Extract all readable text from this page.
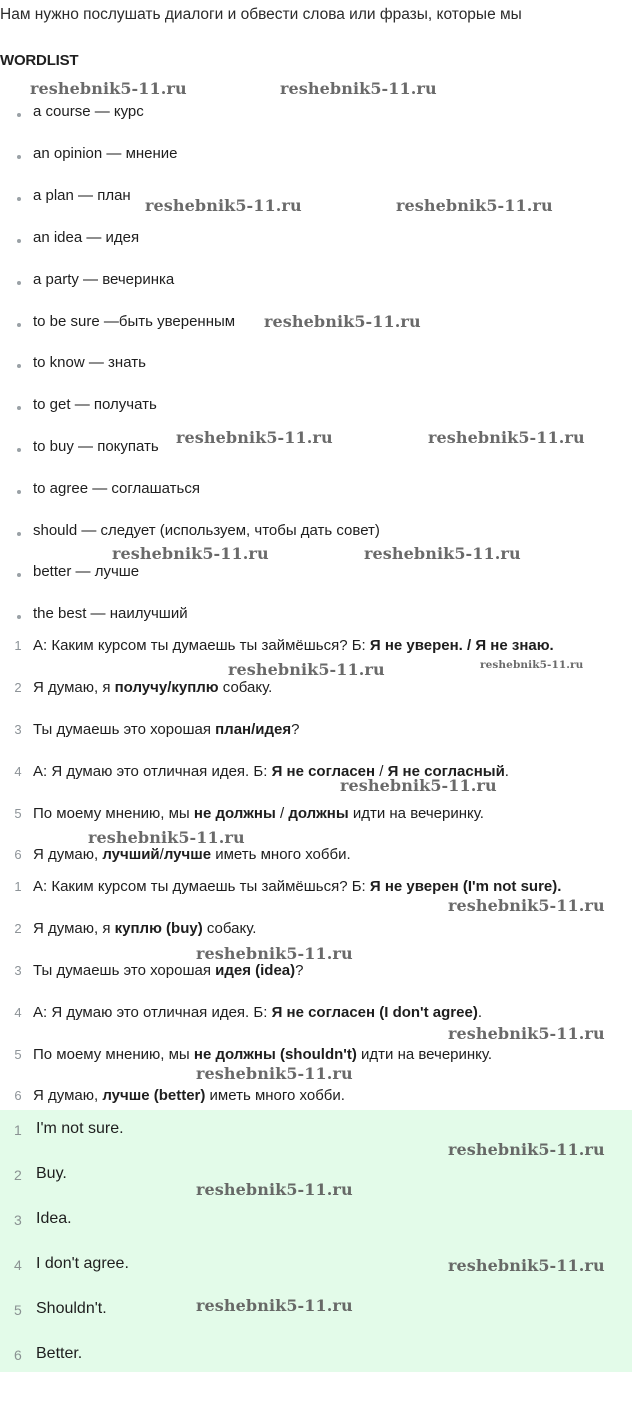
Нам нужно послушать диалоги и обвести слова или фразы, которые мы
WORDLIST
a course — курс
an opinion — мнение
a plan — план
an idea — идея
a party — вечеринка
to be sure —быть уверенным
to know — знать
to get — получать
to buy — покупать
to agree — соглашаться
should — следует (используем, чтобы дать совет)
better — лучше
the best — наилучший
1 А: Каким курсом ты думаешь ты займёшься? Б: Я не уверен. / Я не знаю.
2 Я думаю, я получу/куплю собаку.
3 Ты думаешь это хорошая план/идея?
4 А: Я думаю это отличная идея. Б: Я не согласен / Я не согласный.
5 По моему мнению, мы не должны / должны идти на вечеринку.
6 Я думаю, лучший/лучше иметь много хобби.
1 А: Каким курсом ты думаешь ты займёшься? Б: Я не уверен (I'm not sure).
2 Я думаю, я куплю (buy) собаку.
3 Ты думаешь это хорошая идея (idea)?
4 А: Я думаю это отличная идея. Б: Я не согласен (I don't agree).
5 По моему мнению, мы не должны (shouldn't) идти на вечеринку.
6 Я думаю, лучше (better) иметь много хобби.
1 I'm not sure.
2 Buy.
3 Idea.
4 I don't agree.
5 Shouldn't.
6 Better.
reshebnik5-11.ru	reshebnik5-11.ru
reshebnik5-11.ru	reshebnik5-11.ru
reshebnik5-11.ru
reshebnik5-11.ru	reshebnik5-11.ru
reshebnik5-11.ru	reshebnik5-11.ru
reshebnik5-11.ru	reshebnik5-11.ru
reshebnik5-11.ru
reshebnik5-11.ru
reshebnik5-11.ru
reshebnik5-11.ru
reshebnik5-11.ru
reshebnik5-11.ru
reshebnik5-11.ru
reshebnik5-11.ru
reshebnik5-11.ru
reshebnik5-11.ru
